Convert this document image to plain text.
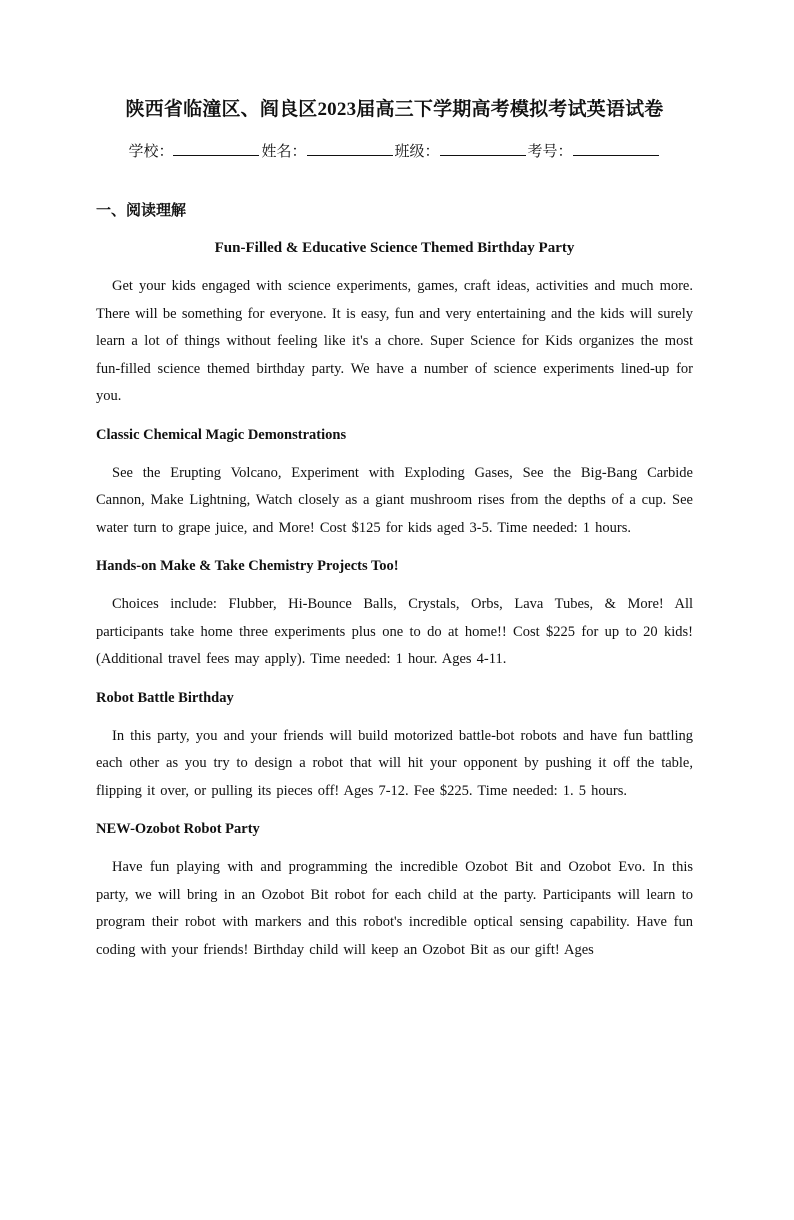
陕西省临潼区、阎良区2023届高三下学期高考模拟考试英语试卷
学校：	姓名：	班级：	考号：
一、阅读理解
Fun-Filled & Educative Science Themed Birthday Party

Get your kids engaged with science experiments, games, craft ideas, activities and much more. There will be something for everyone. It is easy, fun and very entertaining and the kids will surely learn a lot of things without feeling like it's a chore. Super Science for Kids organizes the most fun-filled science themed birthday party. We have a number of science experiments lined-up for you.

Classic Chemical Magic Demonstrations

See the Erupting Volcano, Experiment with Exploding Gases, See the Big-Bang Carbide Cannon, Make Lightning, Watch closely as a giant mushroom rises from the depths of a cup. See water turn to grape juice, and More! Cost $125 for kids aged 3-5. Time needed: 1 hours.

Hands-on Make & Take Chemistry Projects Too!

Choices include: Flubber, Hi-Bounce Balls, Crystals, Orbs, Lava Tubes, & More! All participants take home three experiments plus one to do at home!! Cost $225 for up to 20 kids!(Additional travel fees may apply). Time needed: 1 hour. Ages 4-11.

Robot Battle Birthday

In this party, you and your friends will build motorized battle-bot robots and have fun battling each other as you try to design a robot that will hit your opponent by pushing it off the table, flipping it over, or pulling its pieces off! Ages 7-12. Fee $225. Time needed: 1. 5 hours.

NEW-Ozobot Robot Party

Have fun playing with and programming the incredible Ozobot Bit and Ozobot Evo. In this party, we will bring in an Ozobot Bit robot for each child at the party. Participants will learn to program their robot with markers and this robot's incredible optical sensing capability. Have fun coding with your friends! Birthday child will keep an Ozobot Bit as our gift! Ages
